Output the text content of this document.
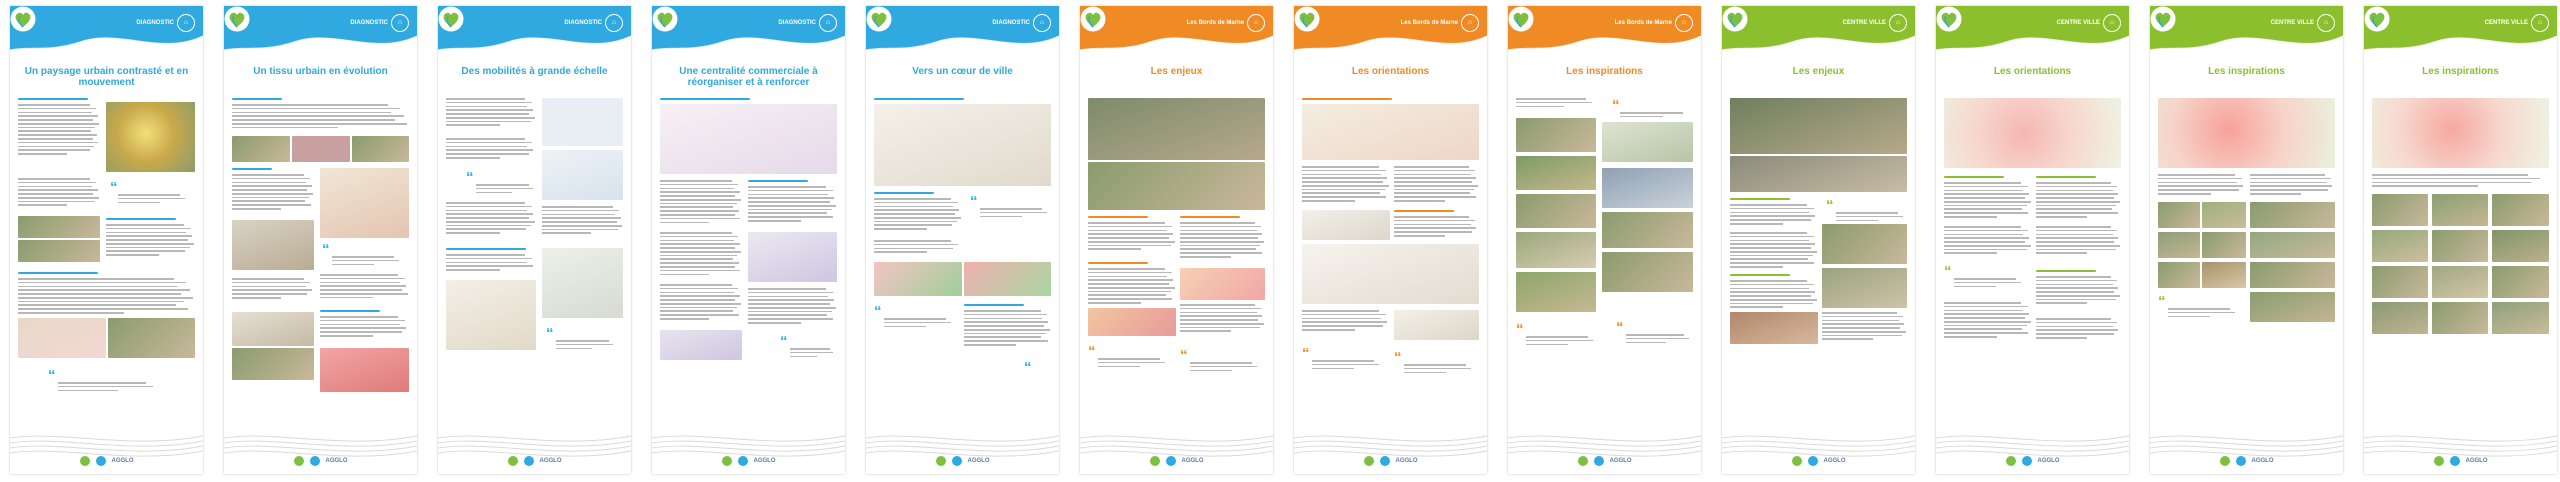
DIAGNOSTIC	⌂
Un paysage urbain contrasté et en mouvement
“
“
AGGLO
DIAGNOSTIC	⌂
Un tissu urbain en évolution
“
AGGLO
DIAGNOSTIC	⌂
Des mobilités à grande échelle
“
“
AGGLO
DIAGNOSTIC	⌂
Une centralité commerciale à réorganiser et à renforcer
“
AGGLO
DIAGNOSTIC	⌂
Vers un cœur de ville
“
“
“
AGGLO
Les Bords de Marne	⌂
Les enjeux
“	“
AGGLO
Les Bords de Marne	⌂
Les orientations
“	“
AGGLO
Les Bords de Marne	⌂
Les inspirations
“
“	“
AGGLO
CENTRE VILLE	⌂
Les enjeux
“
AGGLO
CENTRE VILLE	⌂
Les orientations
“
AGGLO
CENTRE VILLE	⌂
Les inspirations
“
AGGLO
CENTRE VILLE	⌂
Les inspirations
AGGLO
